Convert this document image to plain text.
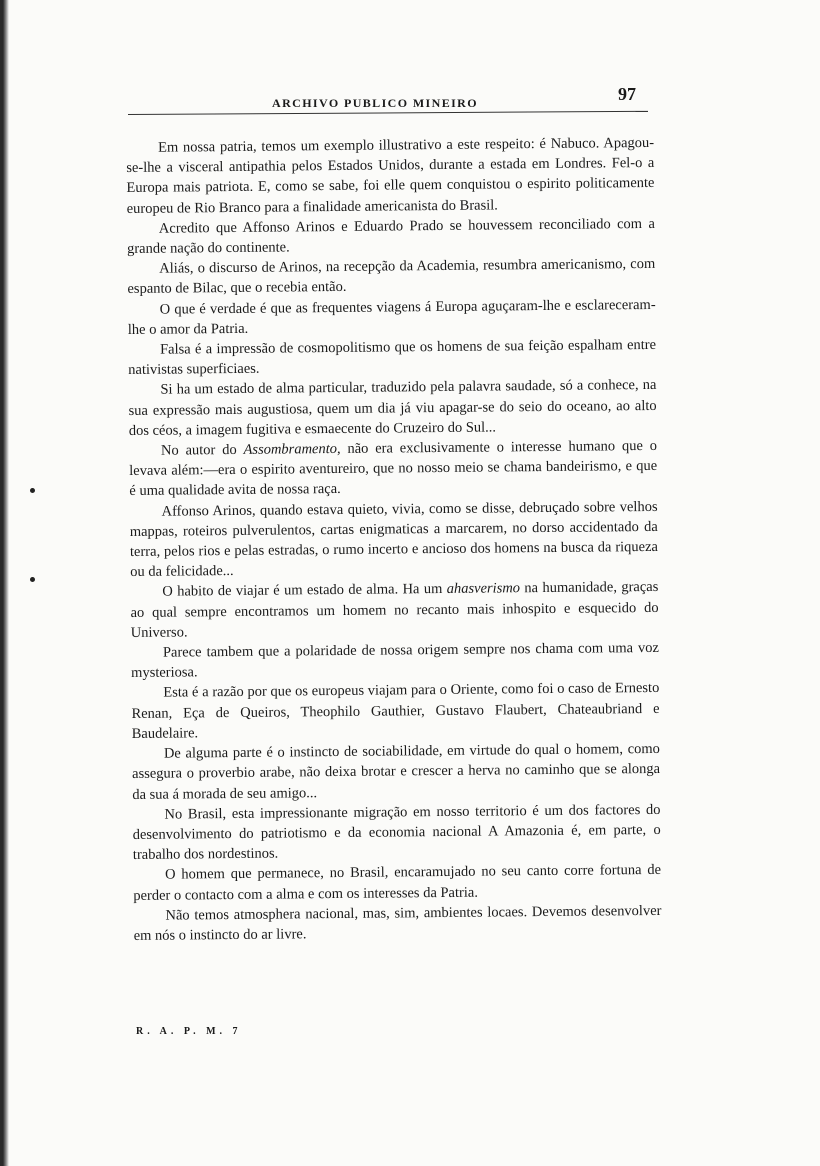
ARCHIVO PUBLICO MINEIRO	97

Em nossa patria, temos um exemplo illustrativo a este respeito: é Nabuco. Apagou-se-lhe a visceral antipathia pelos Estados Unidos, durante a estada em Londres. Fel-o a Europa mais patriota. E, como se sabe, foi elle quem conquistou o espirito politicamente europeu de Rio Branco para a finalidade americanista do Brasil.

Acredito que Affonso Arinos e Eduardo Prado se houvessem reconciliado com a grande nação do continente.

Aliás, o discurso de Arinos, na recepção da Academia, resumbra americanismo, com espanto de Bilac, que o recebia então.

O que é verdade é que as frequentes viagens á Europa aguçaram-lhe e esclareceram-lhe o amor da Patria.

Falsa é a impressão de cosmopolitismo que os homens de sua feição espalham entre nativistas superficiaes.

Si ha um estado de alma particular, traduzido pela palavra saudade, só a conhece, na sua expressão mais augustiosa, quem um dia já viu apagar-se do seio do oceano, ao alto dos céos, a imagem fugitiva e esmaecente do Cruzeiro do Sul...

No autor do Assombramento, não era exclusivamente o interesse humano que o levava além:—era o espirito aventureiro, que no nosso meio se chama bandeirismo, e que é uma qualidade avita de nossa raça.

Affonso Arinos, quando estava quieto, vivia, como se disse, debruçado sobre velhos mappas, roteiros pulverulentos, cartas enigmaticas a marcarem, no dorso accidentado da terra, pelos rios e pelas estradas, o rumo incerto e ancioso dos homens na busca da riqueza ou da felicidade...

O habito de viajar é um estado de alma. Ha um ahasverismo na humanidade, graças ao qual sempre encontramos um homem no recanto mais inhospito e esquecido do Universo.

Parece tambem que a polaridade de nossa origem sempre nos chama com uma voz mysteriosa.

Esta é a razão por que os europeus viajam para o Oriente, como foi o caso de Ernesto Renan, Eça de Queiros, Theophilo Gauthier, Gustavo Flaubert, Chateaubriand e Baudelaire.

De alguma parte é o instincto de sociabilidade, em virtude do qual o homem, como assegura o proverbio arabe, não deixa brotar e crescer a herva no caminho que se alonga da sua á morada de seu amigo...

No Brasil, esta impressionante migração em nosso territorio é um dos factores do desenvolvimento do patriotismo e da economia nacional A Amazonia é, em parte, o trabalho dos nordestinos.

O homem que permanece, no Brasil, encaramujado no seu canto corre fortuna de perder o contacto com a alma e com os interesses da Patria.

Não temos atmosphera nacional, mas, sim, ambientes locaes. Devemos desenvolver em nós o instincto do ar livre.

R. A. P. M. 7
